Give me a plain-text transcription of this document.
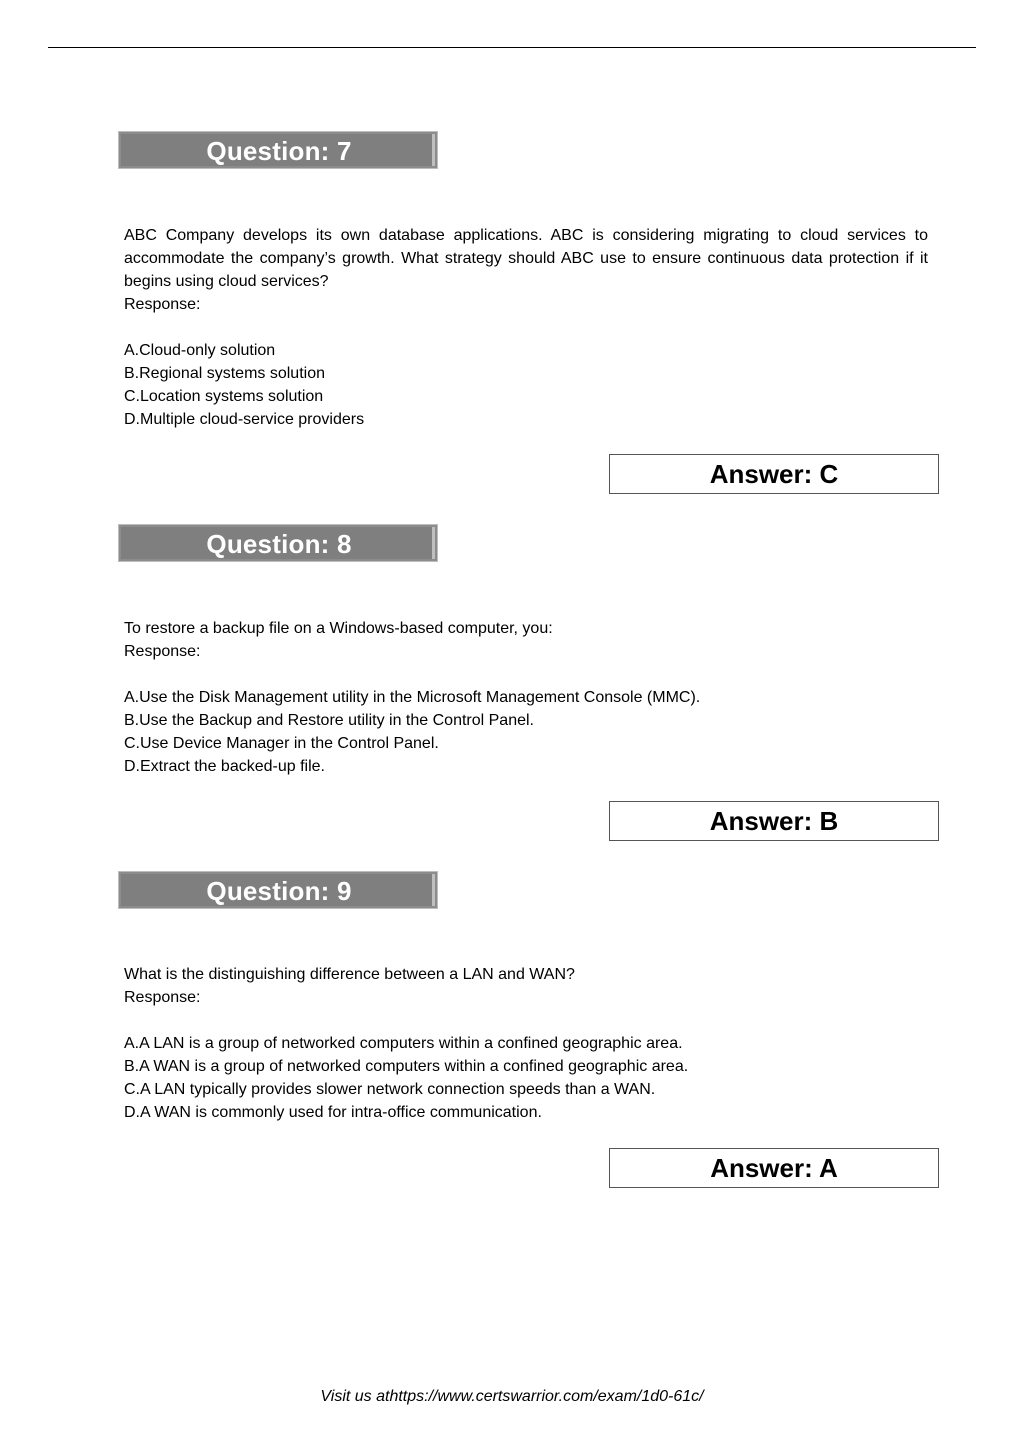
Question: 7

ABC Company develops its own database applications. ABC is considering migrating to cloud services to accommodate the company’s growth. What strategy should ABC use to ensure continuous data protection if it begins using cloud services?

Response:

A.Cloud-only solution
B.Regional systems solution
C.Location systems solution
D.Multiple cloud-service providers
Answer: C
Question: 8

To restore a backup file on a Windows-based computer, you:

Response:

A.Use the Disk Management utility in the Microsoft Management Console (MMC).
B.Use the Backup and Restore utility in the Control Panel.
C.Use Device Manager in the Control Panel.
D.Extract the backed-up file.
Answer: B
Question: 9

What is the distinguishing difference between a LAN and WAN?

Response:

A.A LAN is a group of networked computers within a confined geographic area.
B.A WAN is a group of networked computers within a confined geographic area.
C.A LAN typically provides slower network connection speeds than a WAN.
D.A WAN is commonly used for intra-office communication.
Answer: A
Visit us athttps://www.certswarrior.com/exam/1d0-61c/
